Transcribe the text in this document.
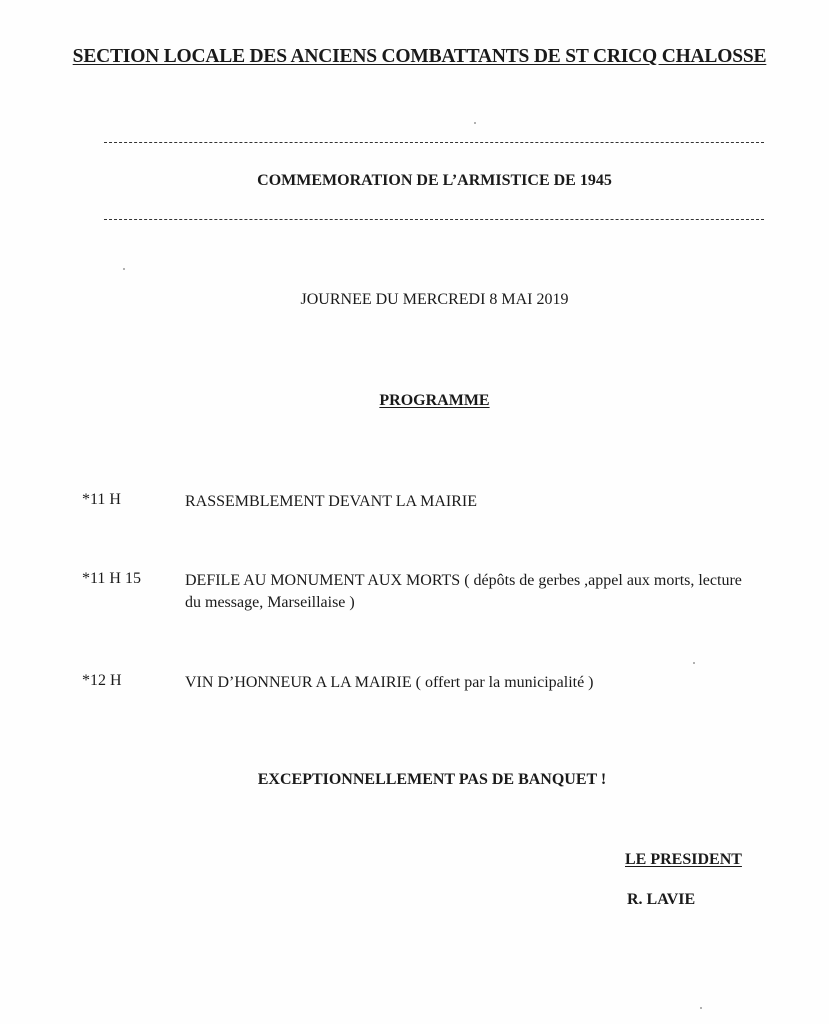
SECTION LOCALE DES ANCIENS COMBATTANTS DE ST CRICQ CHALOSSE
COMMEMORATION DE L’ARMISTICE DE 1945
JOURNEE DU MERCREDI 8 MAI 2019
PROGRAMME
*11 H	RASSEMBLEMENT DEVANT LA MAIRIE
*11 H 15	DEFILE AU MONUMENT AUX MORTS ( dépôts de gerbes ,appel aux morts, lecture du message, Marseillaise )
*12 H	VIN D’HONNEUR A LA MAIRIE ( offert par la municipalité )
EXCEPTIONNELLEMENT PAS DE BANQUET !
LE PRESIDENT
R. LAVIE
